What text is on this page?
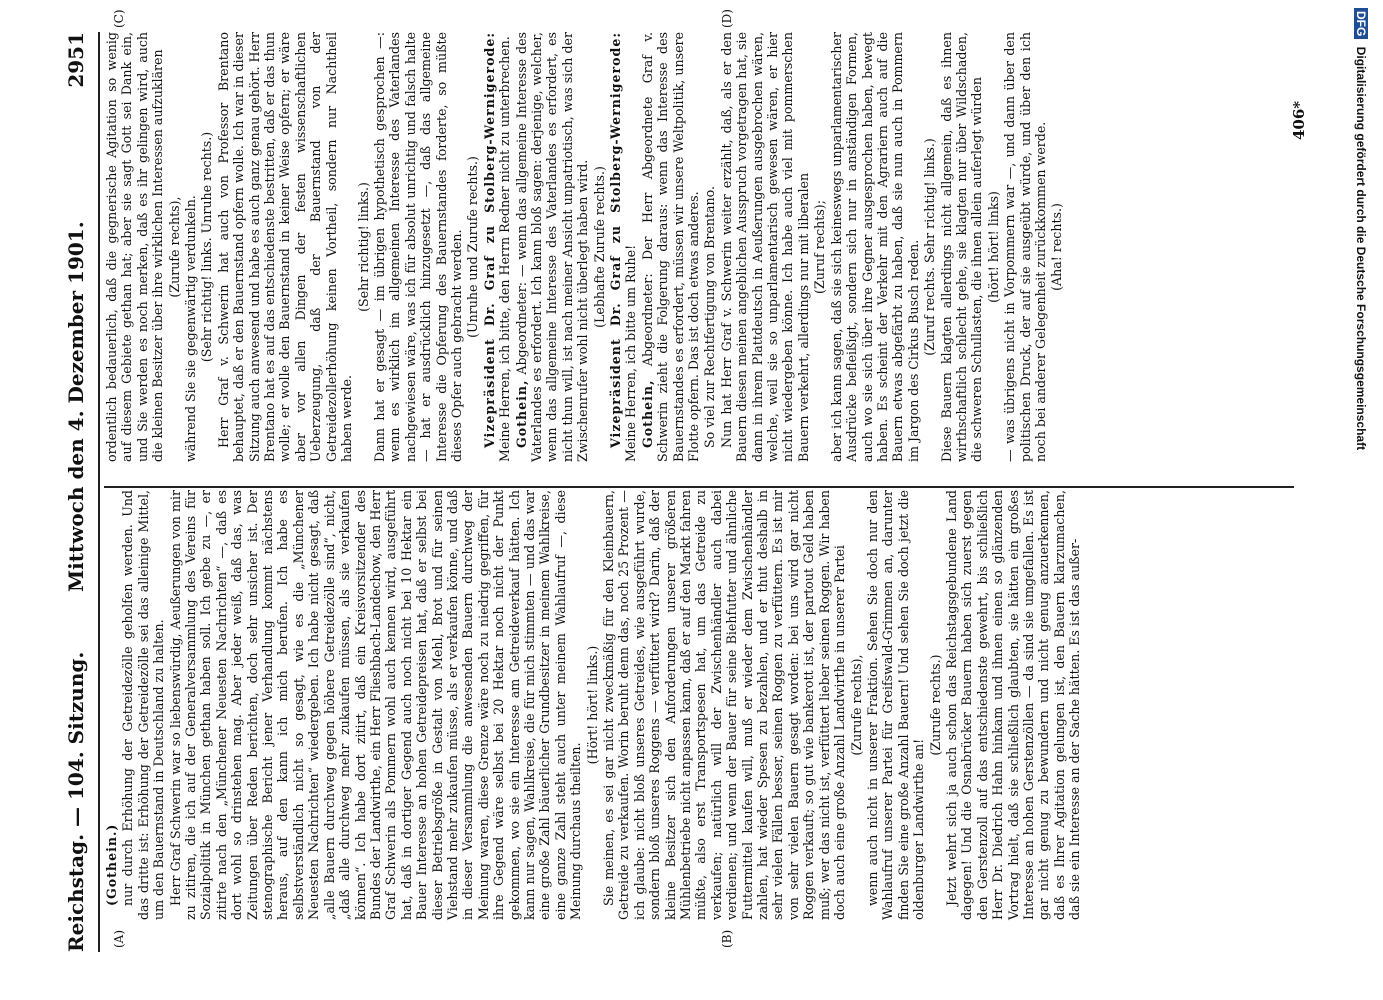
Reichstag. — 104. Sitzung.
Mittwoch den 4. Dezember 1901.
2951
(A)	(B)
(C)	(D)

(Gothein.) nur durch Erhöhung der Getreidezölle geholfen werden. Und das dritte ist: Erhöhung der Getreidezölle sei das alleinige Mittel, um den Bauernstand in Deutschland zu halten. Herr Graf Schwerin war so liebenswürdig, Aeußerungen von mir zu zitiren, die ich auf der Generalversammlung des Vereins für Sozialpolitik in München gethan haben soll. Ich gebe zu —, er zitirte nach den „Münchener Neuesten Nachrichten“ —, daß es dort wohl so drinstehen mag. Aber jeder weiß, daß das, was Zeitungen über Reden berichten, doch sehr unsicher ist. Der stenographische Bericht jener Verhandlung kommt nächstens heraus, auf den kann ich mich berufen. Ich habe es selbstverständlich nicht so gesagt, wie es die „Münchener Neuesten Nachrichten“ wiedergeben. Ich habe nicht gesagt, daß „alle Bauern durchweg gegen höhere Getreidezölle sind“, nicht, „daß alle durchweg mehr zukaufen müssen, als sie verkaufen können“. Ich habe dort zitirt, daß ein Kreisvorsitzender des Bundes der Landwirthe, ein Herr Flieshbach-Landechow, den Herr Graf Schwerin als Pommern wohl auch kennen wird, ausgeführt hat, daß in dortiger Gegend auch noch nicht bei 10 Hektar ein Bauer Interesse an hohen Getreidepreisen hat, daß er selbst bei dieser Betriebsgröße in Gestalt von Mehl, Brot und für seinen Viehstand mehr zukaufen müsse, als er verkaufen könne, und daß in dieser Versammlung die anwesenden Bauern durchweg der Meinung waren, diese Grenze wäre noch zu niedrig gegriffen, für ihre Gegend wäre selbst bei 20 Hektar noch nicht der Punkt gekommen, wo sie ein Interesse am Getreideverkauf hätten. Ich kann nur sagen, Wahlkreise, die für mich stimmten — und das war eine große Zahl bäuerlicher Grundbesitzer in meinem Wahlkreise, eine ganze Zahl steht auch unter meinem Wahlaufruf —, diese Meinung durchaus theilten.

(Hört! hört! links.) Sie meinen, es sei gar nicht zweckmäßig für den Kleinbauern, Getreide zu verkaufen. Worin beruht denn das, noch 25 Prozent — ich glaube: nicht bloß unseres Getreides, wie ausgeführt wurde, sondern bloß unseres Roggens — verfüttert wird? Darin, daß der kleine Besitzer sich den Anforderungen unserer größeren Mühlenbetriebe nicht anpassen kann, daß er auf den Markt fahren müßte, also erst Transportspesen hat, um das Getreide zu verkaufen; natürlich will der Zwischenhändler auch dabei verdienen; und wenn der Bauer für seine Biehfutter und ähnliche Futtermittel kaufen will, muß er wieder dem Zwischenhändler zahlen, hat wieder Spesen zu bezahlen, und er thut deshalb in sehr vielen Fällen besser, seinen Roggen zu verfüttern. Es ist mir von sehr vielen Bauern gesagt worden: bei uns wird gar nicht Roggen verkauft; so gut wie bankerott ist, der partout Geld haben muß; wer das nicht ist, verfüttert lieber seinen Roggen. Wir haben doch auch eine große Anzahl Landwirthe in unserer Partei (Zurufe rechts), wenn auch nicht in unserer Fraktion. Sehen Sie doch nur den Wahlaufruf unserer Partei für Greifswald-Grimmen an, darunter finden Sie eine große Anzahl Bauern! Und sehen Sie doch jetzt die oldenburger Landwirthe an!

(Zurufe rechts.) Jetzt wehrt sich ja auch schon das Reichstagsgebundene Land dagegen! Und die Osnabrücker Bauern haben sich zuerst gegen den Gerstenzoll auf das entschiedenste gewehrt, bis schließlich Herr Dr. Diedrich Hahn hinkam und ihnen einen so glänzenden Vortrag hielt, daß sie schließlich glaubten, sie hätten ein großes Interesse an hohen Gerstenzöllen — da sind sie umgefallen. Es ist gar nicht genug zu bewundern und nicht genug anzuerkennen, daß es Ihrer Agitation gelungen ist, den Bauern klarzumachen, daß sie ein Interesse an der Sache hätten. Es ist das außer-

ordentlich bedauerlich, daß die gegnerische Agitation so wenig auf diesem Gebiete gethan hat; aber sie sagt Gott sei Dank ein, und Sie werden es noch merken, daß es ihr gelingen wird, auch die kleinen Besitzer über ihre wirklichen Interessen aufzuklären (Zurufe rechts), während Sie sie gegenwärtig verdunkeln. (Sehr richtig! links. Unruhe rechts.) Herr Graf v. Schwerin hat auch von Professor Brentano behauptet, daß er den Bauernstand opfern wolle. Ich war in dieser Sitzung auch anwesend und habe es auch ganz genau gehört. Herr Brentano hat es auf das entschiedenste bestritten, daß er das thun wolle; er wolle den Bauernstand in keiner Weise opfern; er wäre aber vor allen Dingen der festen wissenschaftlichen Ueberzeugung, daß der Bauernstand von der Getreidezollerhöhung keinen Vortheil, sondern nur Nachtheil haben werde.

(Sehr richtig! links.) Dann hat er gesagt — im übrigen hypothetisch gesprochen —: wenn es wirklich im allgemeinen Interesse des Vaterlandes nachgewiesen wäre, was ich für absolut unrichtig und falsch halte — hat er ausdrücklich hinzugesetzt —, daß das allgemeine Interesse die Opferung des Bauernstandes forderte, so müßte dieses Opfer auch gebracht werden. (Unruhe und Zurufe rechts.) Vizepräsident Dr. Graf zu Stolberg-Wernigerode: Meine Herren, ich bitte, den Herrn Redner nicht zu unterbrechen. Gothein, Abgeordneter: — wenn das allgemeine Interesse des Vaterlandes es erfordert. Ich kann bloß sagen: derjenige, welcher, wenn das allgemeine Interesse des Vaterlandes es erfordert, es nicht thun will, ist nach meiner Ansicht unpatriotisch, was sich der Zwischenrufer wohl nicht überlegt haben wird. (Lebhafte Zurufe rechts.) Vizepräsident Dr. Graf zu Stolberg-Wernigerode: Meine Herren, ich bitte um Ruhe! Gothein, Abgeordneter: Der Herr Abgeordnete Graf v. Schwerin zieht die Folgerung daraus: wenn das Interesse des Bauernstandes es erfordert, müssen wir unsere Weltpolitik, unsere Flotte opfern. Das ist doch etwas anderes. So viel zur Rechtfertigung von Brentano. Nun hat Herr Graf v. Schwerin weiter erzählt, daß, als er den Bauern diesen meinen angeblichen Ausspruch vorgetragen hat, sie dann in ihrem Plattdeutsch in Aeußerungen ausgebrochen wären, welche, weil sie so unparlamentarisch gewesen wären, er hier nicht wiedergeben könne. Ich habe auch viel mit pommerschen Bauern verkehrt, allerdings nur mit liberalen (Zuruf rechts); aber ich kann sagen, daß sie sich keineswegs unparlamentarischer Ausdrücke befleißigt, sondern sich nur in anständigen Formen, auch wo sie sich über ihre Gegner ausgesprochen haben, bewegt haben. Es scheint der Verkehr mit den Agrariern auch auf die Bauern etwas abgefärbt zu haben, daß sie nun auch in Pommern im Jargon des Cirkus Busch reden. (Zuruf rechts. Sehr richtig! links.) Diese Bauern klagten allerdings nicht allgemein, daß es ihnen wirthschaftlich schlecht gehe, sie klagten nur über Wildschaden, die schweren Schullasten, die ihnen allein auferlegt würden (hört! hört! links) — was übrigens nicht in Vorpommern war —, und dann über den politischen Druck, der auf sie ausgeübt würde, und über den ich noch bei anderer Gelegenheit zurückkommen werde. (Aha! rechts.)

406*
DFG Digitalisierung gefördert durch die Deutsche Forschungsgemeinschaft
